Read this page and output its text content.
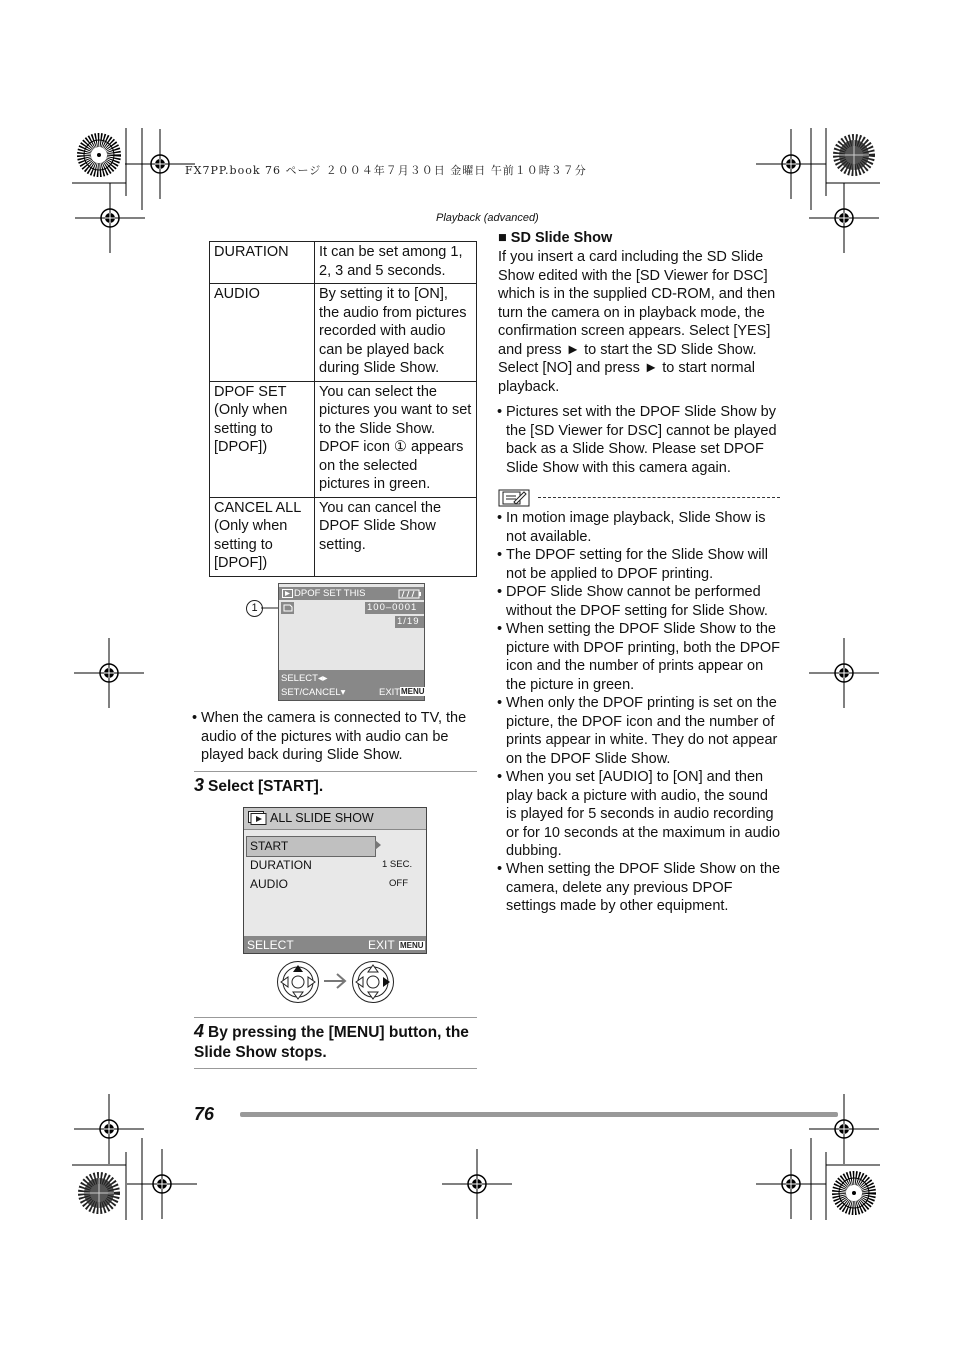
FX7PP.book 76 ページ ２００４年７月３０日 金曜日 午前１０時３７分
Playback (advanced)
DURATION	It can be set among 1, 2, 3 and 5 seconds.
AUDIO	By setting it to [ON], the audio from pictures recorded with audio can be played back during Slide Show.
DPOF SET (Only when setting to [DPOF])	You can select the pictures you want to set to the Slide Show. DPOF icon ① appears on the selected pictures in green.
CANCEL ALL (Only when setting to [DPOF])	You can cancel the DPOF Slide Show setting.
1
DPOF SET THIS
100–0001
1/19
SELECT◂▸
SET/CANCEL▾	EXIT MENU
• When the camera is connected to TV, the audio of the pictures with audio can be played back during Slide Show.
3 Select [START].
ALL SLIDE SHOW
START
DURATION	1 SEC.
AUDIO	OFF
SELECT	EXIT MENU
4 By pressing the [MENU] button, the Slide Show stops.
■ SD Slide Show
If you insert a card including the SD Slide Show edited with the [SD Viewer for DSC] which is in the supplied CD-ROM, and then turn the camera on in playback mode, the confirmation screen appears. Select [YES] and press ► to start the SD Slide Show. Select [NO] and press ► to start normal playback.
• Pictures set with the DPOF Slide Show by the [SD Viewer for DSC] cannot be played back as a Slide Show. Please set DPOF Slide Show with this camera again.
• In motion image playback, Slide Show is not available.
• The DPOF setting for the Slide Show will not be applied to DPOF printing.
• DPOF Slide Show cannot be performed without the DPOF setting for Slide Show.
• When setting the DPOF Slide Show to the picture with DPOF printing, both the DPOF icon and the number of prints appear on the picture in green.
• When only the DPOF printing is set on the picture, the DPOF icon and the number of prints appear in white. They do not appear on the DPOF Slide Show.
• When you set [AUDIO] to [ON] and then play back a picture with audio, the sound is played for 5 seconds in audio recording or for 10 seconds at the maximum in audio dubbing.
• When setting the DPOF Slide Show on the camera, delete any previous DPOF settings made by other equipment.
76
